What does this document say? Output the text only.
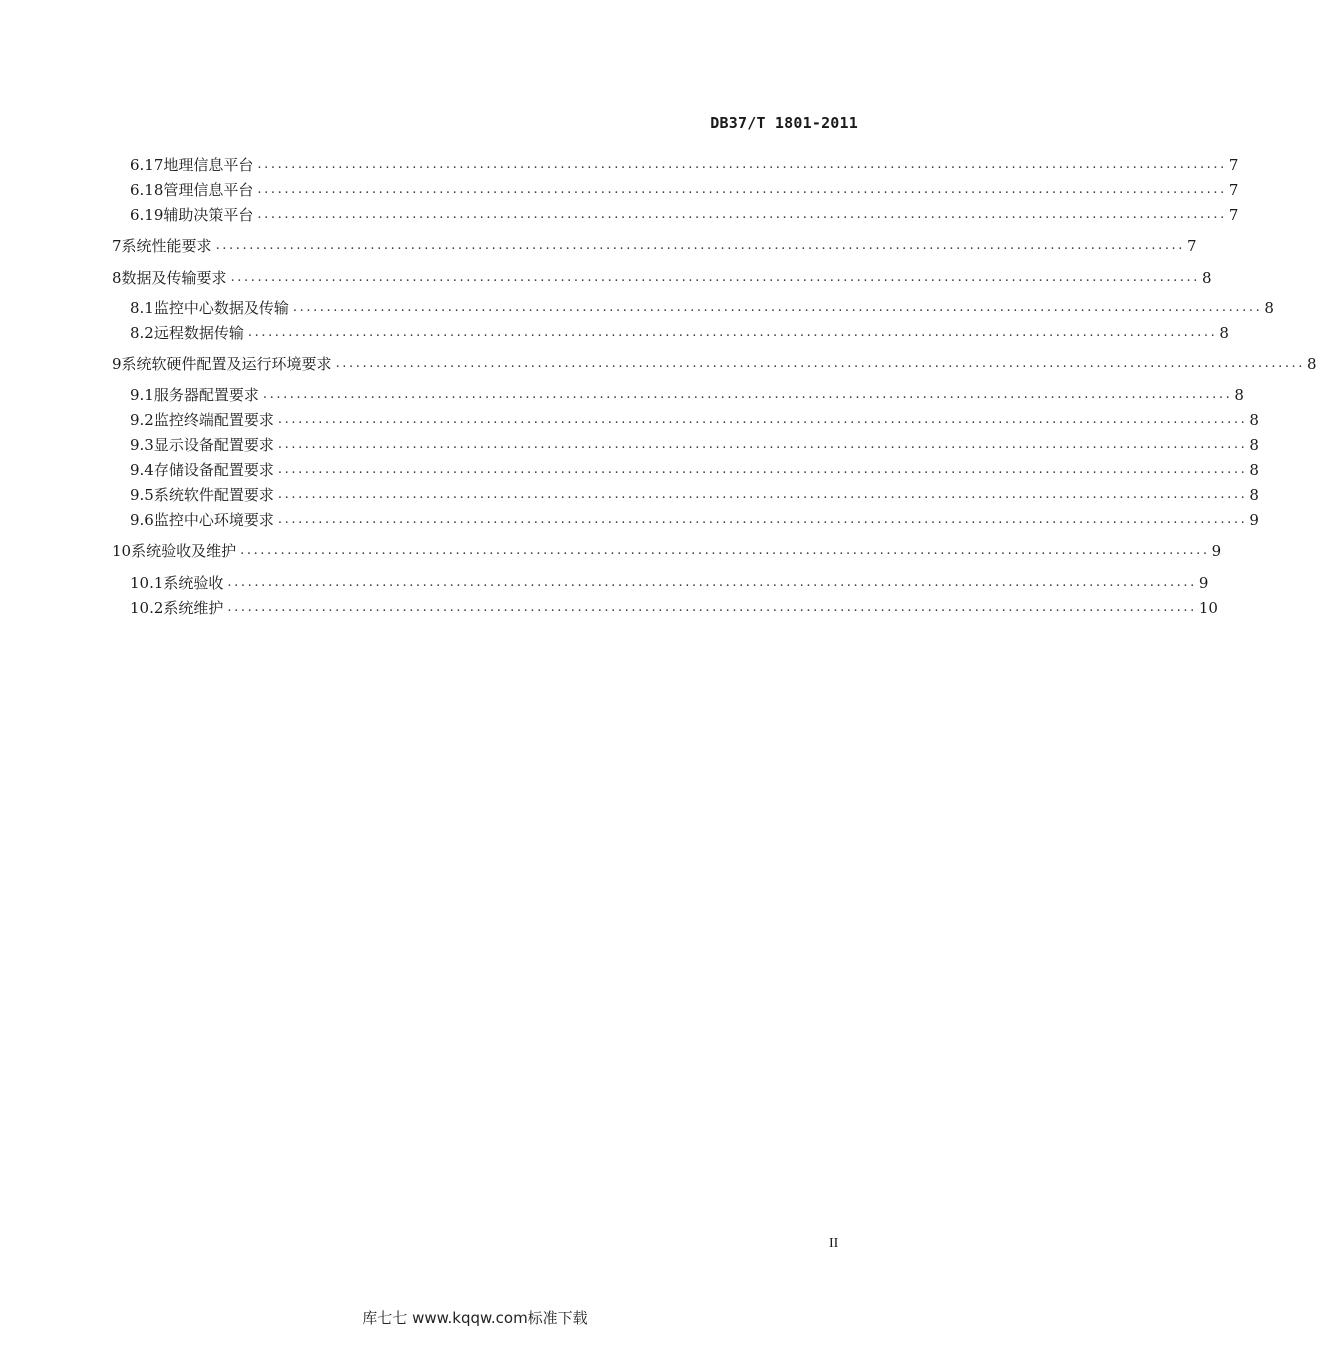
DB37/T 1801-2011
6.17 地理信息平台 ................................................................................................................................................ 7
6.18 管理信息平台 ................................................................................................................................................ 7
6.19 辅助决策平台 ................................................................................................................................................ 7
7 系统性能要求 ................................................................................................................................................ 7
8 数据及传输要求 ................................................................................................................................................ 8
8.1 监控中心数据及传输 ................................................................................................................................................ 8
8.2 远程数据传输 ................................................................................................................................................ 8
9 系统软硬件配置及运行环境要求 ................................................................................................................................................ 8
9.1 服务器配置要求 ................................................................................................................................................ 8
9.2 监控终端配置要求 ................................................................................................................................................ 8
9.3 显示设备配置要求 ................................................................................................................................................ 8
9.4 存储设备配置要求 ................................................................................................................................................ 8
9.5 系统软件配置要求 ................................................................................................................................................ 8
9.6 监控中心环境要求 ................................................................................................................................................ 9
10 系统验收及维护 ................................................................................................................................................ 9
10.1 系统验收 ................................................................................................................................................ 9
10.2 系统维护 ................................................................................................................................................ 10
II
库七七 www.kqqw.com标准下载
